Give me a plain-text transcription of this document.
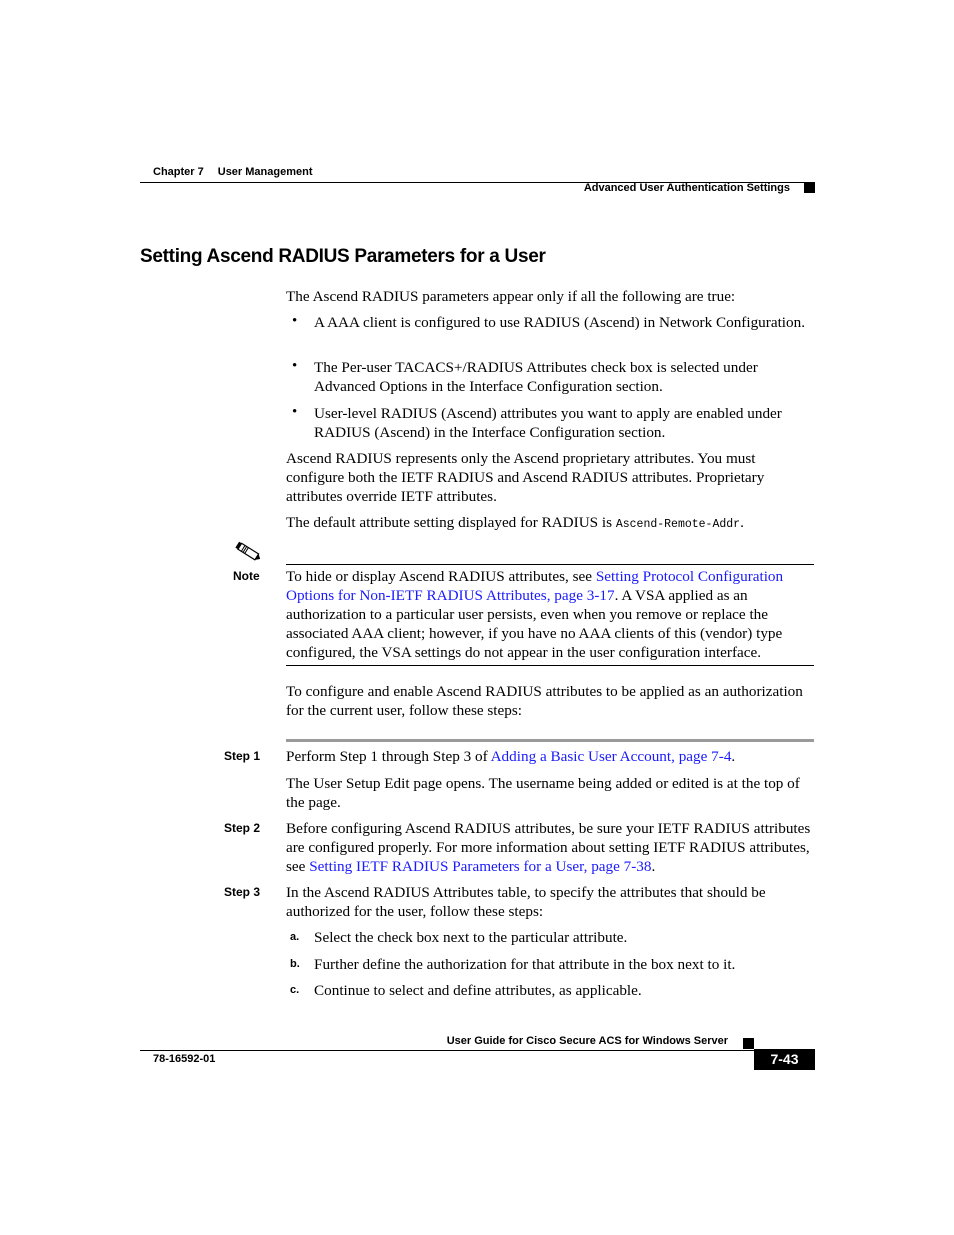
Chapter 7 User Management
Advanced User Authentication Settings
Setting Ascend RADIUS Parameters for a User
The Ascend RADIUS parameters appear only if all the following are true:
• A AAA client is configured to use RADIUS (Ascend) in Network Configuration.
• The Per-user TACACS+/RADIUS Attributes check box is selected under Advanced Options in the Interface Configuration section.
• User-level RADIUS (Ascend) attributes you want to apply are enabled under RADIUS (Ascend) in the Interface Configuration section.
Ascend RADIUS represents only the Ascend proprietary attributes. You must configure both the IETF RADIUS and Ascend RADIUS attributes. Proprietary attributes override IETF attributes.
The default attribute setting displayed for RADIUS is Ascend-Remote-Addr.
Note To hide or display Ascend RADIUS attributes, see Setting Protocol Configuration Options for Non-IETF RADIUS Attributes, page 3-17. A VSA applied as an authorization to a particular user persists, even when you remove or replace the associated AAA client; however, if you have no AAA clients of this (vendor) type configured, the VSA settings do not appear in the user configuration interface.
To configure and enable Ascend RADIUS attributes to be applied as an authorization for the current user, follow these steps:
Step 1 Perform Step 1 through Step 3 of Adding a Basic User Account, page 7-4.
The User Setup Edit page opens. The username being added or edited is at the top of the page.
Step 2 Before configuring Ascend RADIUS attributes, be sure your IETF RADIUS attributes are configured properly. For more information about setting IETF RADIUS attributes, see Setting IETF RADIUS Parameters for a User, page 7-38.
Step 3 In the Ascend RADIUS Attributes table, to specify the attributes that should be authorized for the user, follow these steps:
a. Select the check box next to the particular attribute.
b. Further define the authorization for that attribute in the box next to it.
c. Continue to select and define attributes, as applicable.
User Guide for Cisco Secure ACS for Windows Server
78-16592-01	7-43
